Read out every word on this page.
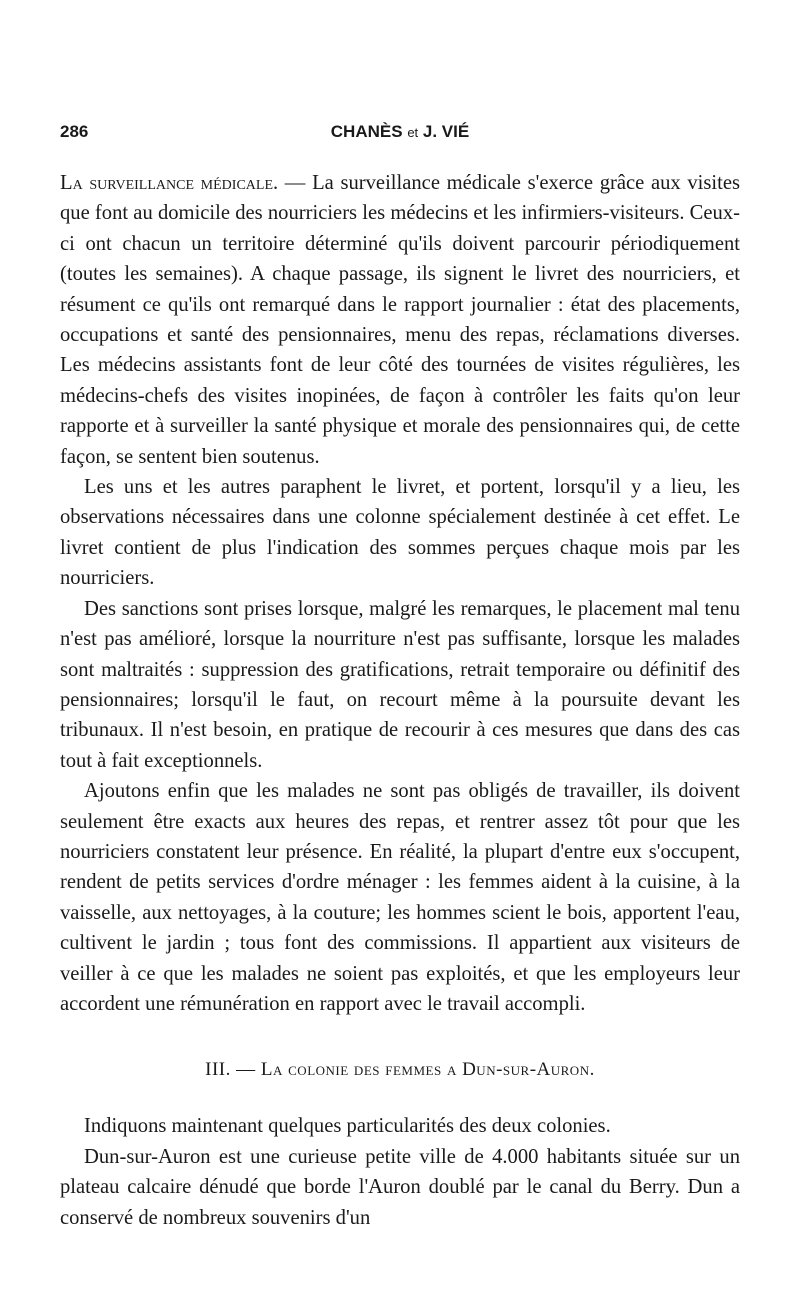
286	CHANÈS et J. VIÉ

La surveillance médicale. — La surveillance médicale s'exerce grâce aux visites que font au domicile des nourriciers les médecins et les infirmiers-visiteurs. Ceux-ci ont chacun un territoire déterminé qu'ils doivent parcourir périodiquement (toutes les semaines). A chaque passage, ils signent le livret des nourriciers, et résument ce qu'ils ont remarqué dans le rapport journalier : état des placements, occupations et santé des pensionnaires, menu des repas, réclamations diverses. Les médecins assistants font de leur côté des tournées de visites régulières, les médecins-chefs des visites inopinées, de façon à contrôler les faits qu'on leur rapporte et à surveiller la santé physique et morale des pensionnaires qui, de cette façon, se sentent bien soutenus.

Les uns et les autres paraphent le livret, et portent, lorsqu'il y a lieu, les observations nécessaires dans une colonne spécialement destinée à cet effet. Le livret contient de plus l'indication des sommes perçues chaque mois par les nourriciers.

Des sanctions sont prises lorsque, malgré les remarques, le placement mal tenu n'est pas amélioré, lorsque la nourriture n'est pas suffisante, lorsque les malades sont maltraités : suppression des gratifications, retrait temporaire ou définitif des pensionnaires; lorsqu'il le faut, on recourt même à la poursuite devant les tribunaux. Il n'est besoin, en pratique de recourir à ces mesures que dans des cas tout à fait exceptionnels.

Ajoutons enfin que les malades ne sont pas obligés de travailler, ils doivent seulement être exacts aux heures des repas, et rentrer assez tôt pour que les nourriciers constatent leur présence. En réalité, la plupart d'entre eux s'occupent, rendent de petits services d'ordre ménager : les femmes aident à la cuisine, à la vaisselle, aux nettoyages, à la couture; les hommes scient le bois, apportent l'eau, cultivent le jardin ; tous font des commissions. Il appartient aux visiteurs de veiller à ce que les malades ne soient pas exploités, et que les employeurs leur accordent une rémunération en rapport avec le travail accompli.

III. — La colonie des femmes a Dun-sur-Auron.

Indiquons maintenant quelques particularités des deux colonies.

Dun-sur-Auron est une curieuse petite ville de 4.000 habitants située sur un plateau calcaire dénudé que borde l'Auron doublé par le canal du Berry. Dun a conservé de nombreux souvenirs d'un
